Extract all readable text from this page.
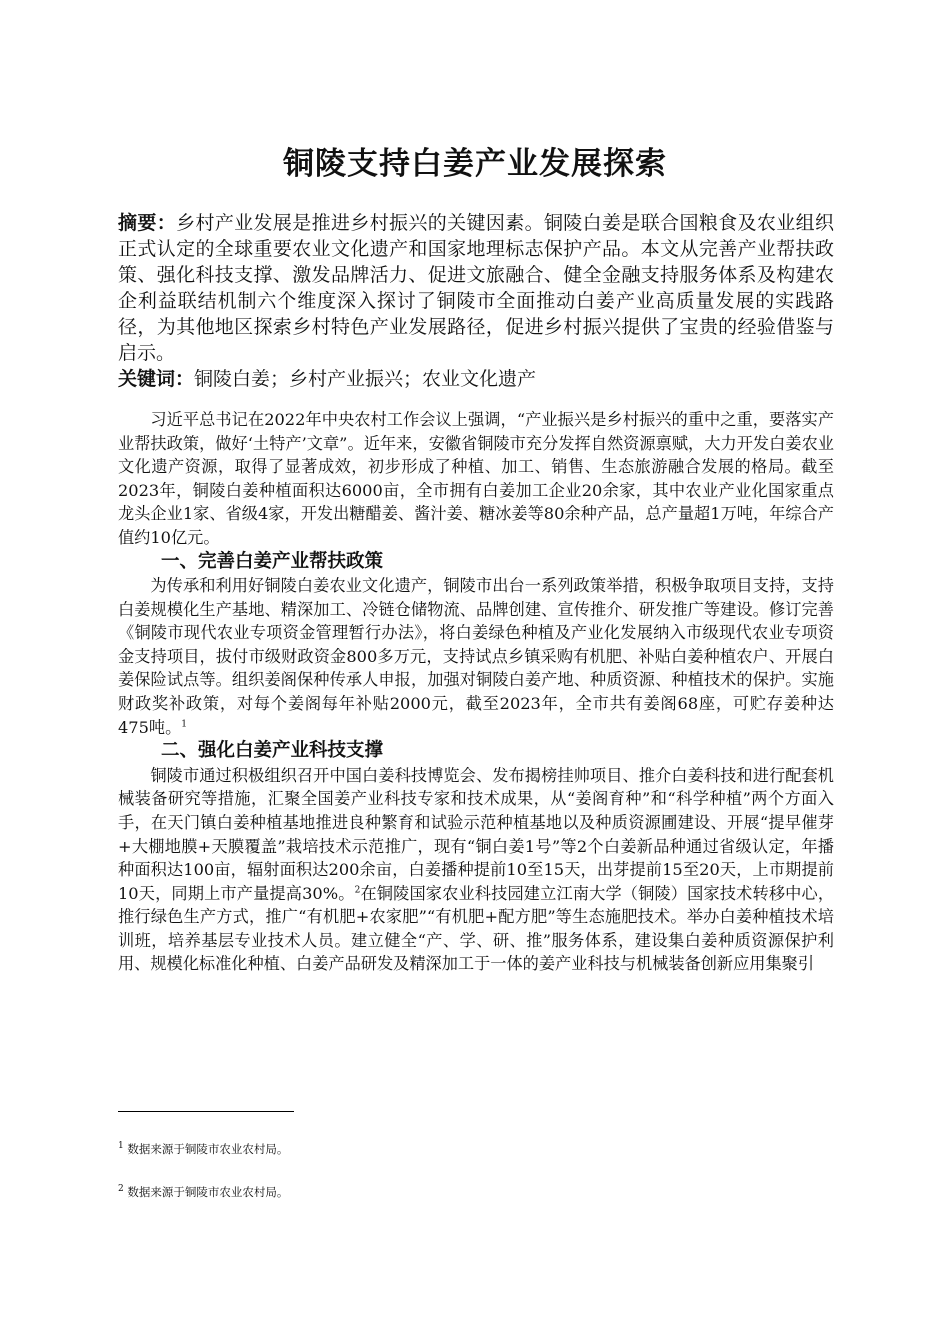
铜陵支持白姜产业发展探索
摘要：乡村产业发展是推进乡村振兴的关键因素。铜陵白姜是联合国粮食及农业组织正式认定的全球重要农业文化遗产和国家地理标志保护产品。本文从完善产业帮扶政策、强化科技支撑、激发品牌活力、促进文旅融合、健全金融支持服务体系及构建农企利益联结机制六个维度深入探讨了铜陵市全面推动白姜产业高质量发展的实践路径，为其他地区探索乡村特色产业发展路径，促进乡村振兴提供了宝贵的经验借鉴与启示。
关键词：铜陵白姜；乡村产业振兴；农业文化遗产

习近平总书记在2022年中央农村工作会议上强调，“产业振兴是乡村振兴的重中之重，要落实产业帮扶政策，做好‘土特产’文章”。近年来，安徽省铜陵市充分发挥自然资源禀赋，大力开发白姜农业文化遗产资源，取得了显著成效，初步形成了种植、加工、销售、生态旅游融合发展的格局。截至2023年，铜陵白姜种植面积达6000亩，全市拥有白姜加工企业20余家，其中农业产业化国家重点龙头企业1家、省级4家，开发出糖醋姜、酱汁姜、糖冰姜等80余种产品，总产量超1万吨，年综合产值约10亿元。

一、完善白姜产业帮扶政策

为传承和利用好铜陵白姜农业文化遗产，铜陵市出台一系列政策举措，积极争取项目支持，支持白姜规模化生产基地、精深加工、冷链仓储物流、品牌创建、宣传推介、研发推广等建设。修订完善《铜陵市现代农业专项资金管理暂行办法》，将白姜绿色种植及产业化发展纳入市级现代农业专项资金支持项目，拔付市级财政资金800多万元，支持试点乡镇采购有机肥、补贴白姜种植农户、开展白姜保险试点等。组织姜阁保种传承人申报，加强对铜陵白姜产地、种质资源、种植技术的保护。实施财政奖补政策，对每个姜阁每年补贴2000元，截至2023年，全市共有姜阁68座，可贮存姜种达475吨。$^1$

二、强化白姜产业科技支撑

铜陵市通过积极组织召开中国白姜科技博览会、发布揭榜挂帅项目、推介白姜科技和进行配套机械装备研究等措施，汇聚全国姜产业科技专家和技术成果，从“姜阁育种”和“科学种植”两个方面入手，在天门镇白姜种植基地推进良种繁育和试验示范种植基地以及种质资源圃建设、开展“提早催芽+大棚地膜+天膜覆盖”栽培技术示范推广，现有“铜白姜1号”等2个白姜新品种通过省级认定，年播种面积达100亩，辐射面积达200余亩，白姜播种提前10至15天，出芽提前15至20天，上市期提前10天，同期上市产量提高30%。$^2$在铜陵国家农业科技园建立江南大学（铜陵）国家技术转移中心，推行绿色生产方式，推广“有机肥+农家肥”“有机肥+配方肥”等生态施肥技术。举办白姜种植技术培训班，培养基层专业技术人员。建立健全“产、学、研、推”服务体系，建设集白姜种质资源保护利用、规模化标准化种植、白姜产品研发及精深加工于一体的姜产业科技与机械装备创新应用集聚引

$^1$ 数据来源于铜陵市农业农村局。
$^2$ 数据来源于铜陵市农业农村局。
